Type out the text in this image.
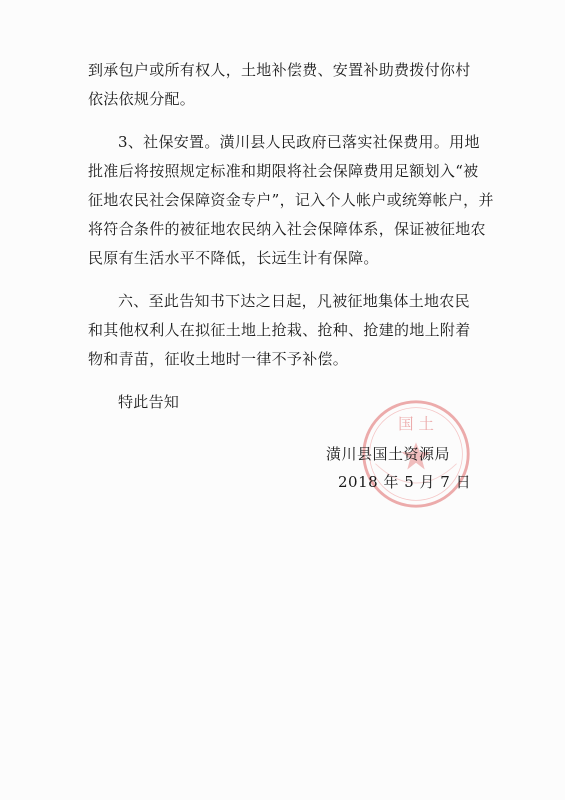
到承包户或所有权人，土地补偿费、安置补助费拨付你村
依法依规分配。
3、社保安置。潢川县人民政府已落实社保费用。用地
批准后将按照规定标准和期限将社会保障费用足额划入“被
征地农民社会保障资金专户”，记入个人帐户或统筹帐户，并
将符合条件的被征地农民纳入社会保障体系，保证被征地农
民原有生活水平不降低，长远生计有保障。
六、至此告知书下达之日起，凡被征地集体土地农民
和其他权利人在拟征土地上抢栽、抢种、抢建的地上附着
物和青苗，征收土地时一律不予补偿。
特此告知
国 土
潢川县国土资源局
2018 年 5 月 7 日
